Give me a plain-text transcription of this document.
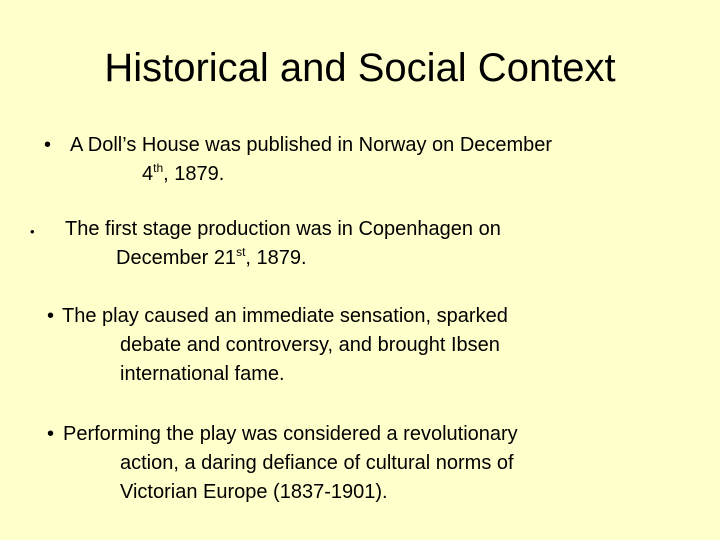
Historical and Social Context
• A Doll’s House was published in Norway on December
4th, 1879.
• The first stage production was in Copenhagen on
December 21st, 1879.
• The play caused an immediate sensation, sparked
debate and controversy, and brought Ibsen
international fame.
• Performing the play was considered a revolutionary
action, a daring defiance of cultural norms of
Victorian Europe (1837-1901).
